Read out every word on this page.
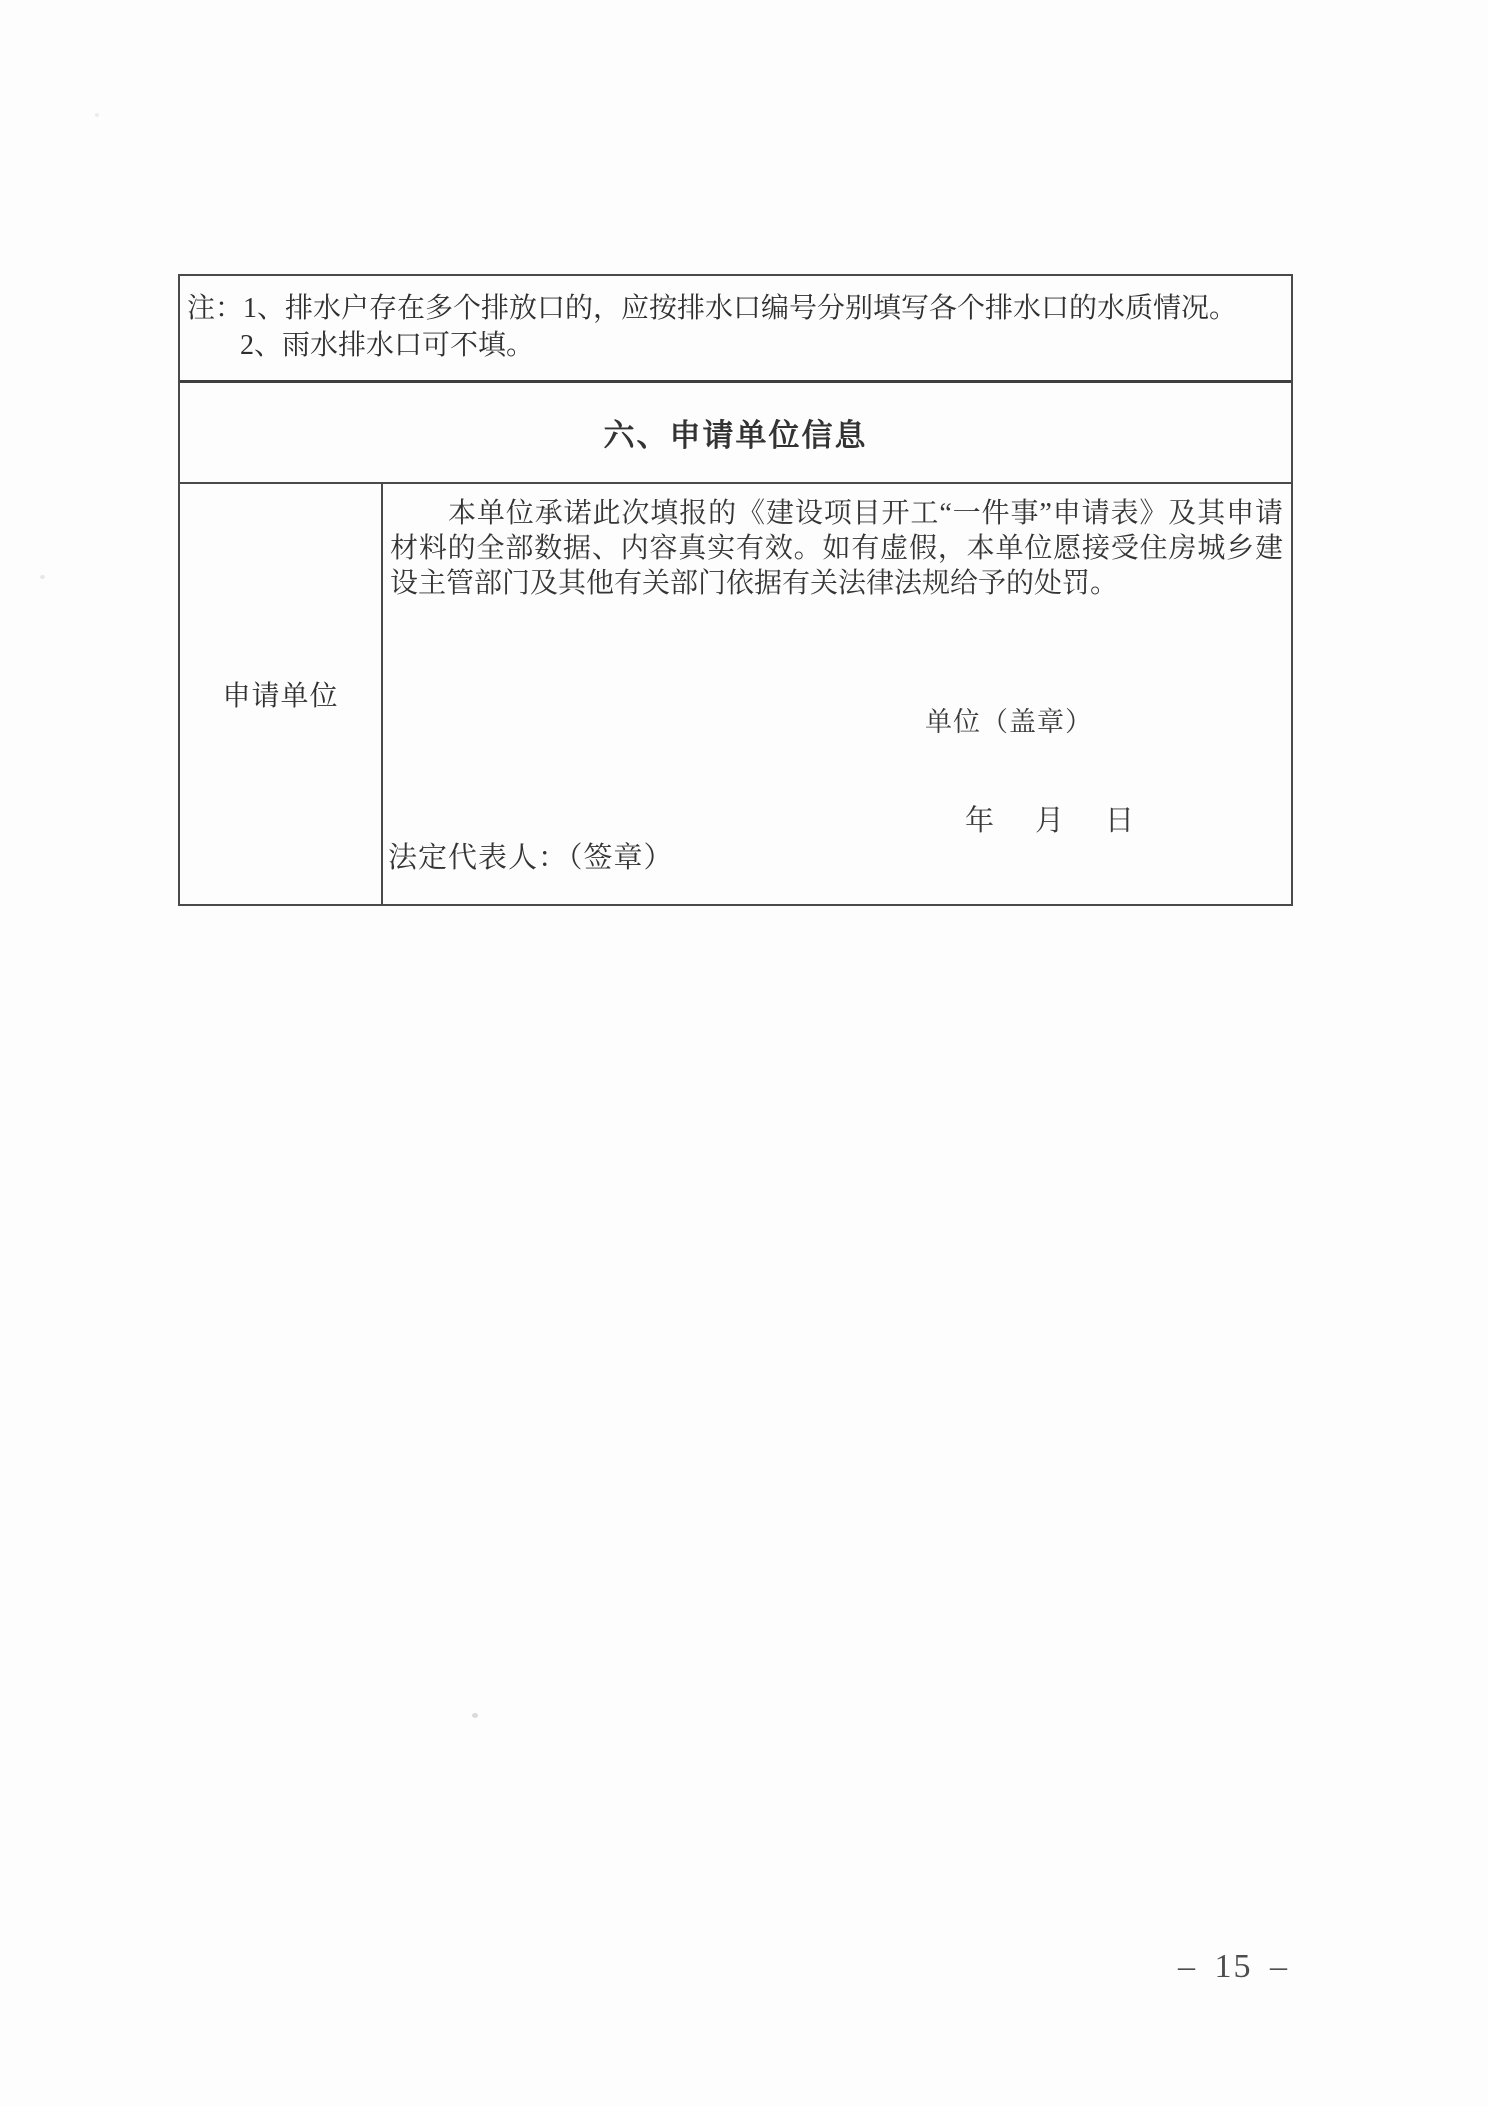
注： 1、排水户存在多个排放口的，应按排水口编号分别填写各个排水口的水质情况。
2、雨水排水口可不填。
六、申请单位信息
申请单位

本单位承诺此次填报的《建设项目开工“一件事”申请表》及其申请材料的全部数据、内容真实有效。如有虚假，本单位愿接受住房城乡建设主管部门及其他有关部门依据有关法律法规给予的处罚。

单位（盖章）
年　月　日
法定代表人：（签章）
– 15 –
